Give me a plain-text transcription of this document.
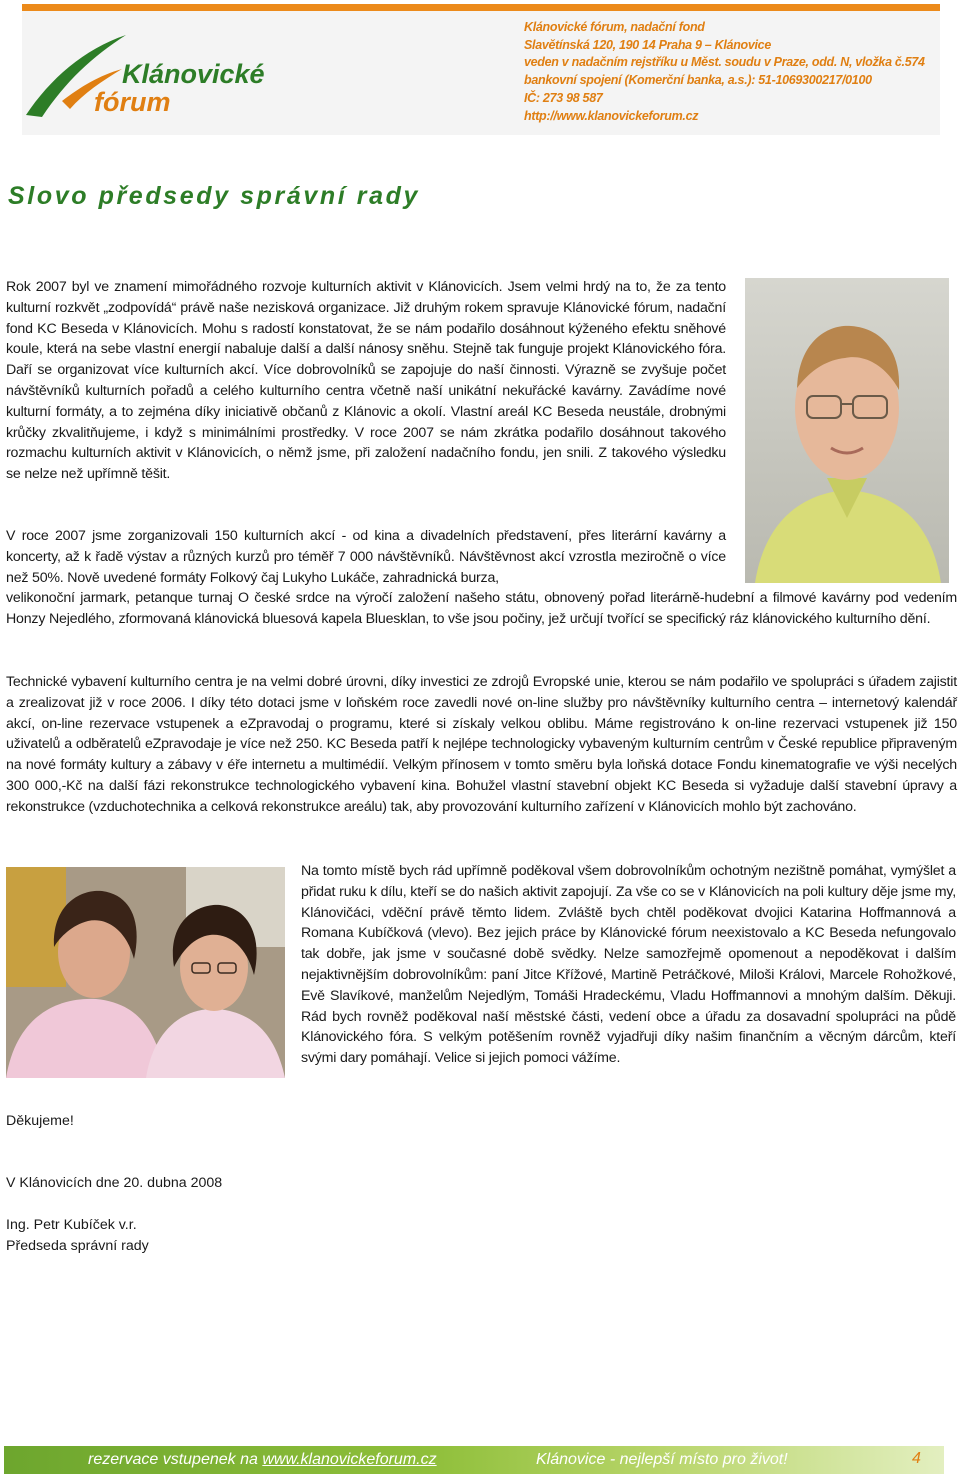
Klánovické
fórum
Klánovické fórum, nadační fond
Slavětínská 120, 190 14 Praha 9 – Klánovice
veden v nadačním rejstříku u Měst. soudu v Praze, odd. N, vložka č.574
bankovní spojení (Komerční banka, a.s.): 51-1069300217/0100
IČ: 273 98 587
http://www.klanovickeforum.cz
Slovo předsedy správní rady
Rok 2007 byl ve znamení mimořádného rozvoje kulturních aktivit v Klánovicích. Jsem velmi hrdý na to, že za tento kulturní rozkvět „zodpovídá“ právě naše nezisková organizace. Již druhým rokem spravuje Klánovické fórum, nadační fond KC Beseda v Klánovicích. Mohu s radostí konstatovat, že se nám podařilo dosáhnout kýženého efektu sněhové koule, která na sebe vlastní energií nabaluje další a další nánosy sněhu. Stejně tak funguje projekt Klánovického fóra. Daří se organizovat více kulturních akcí. Více dobrovolníků se zapojuje do naší činnosti. Výrazně se zvyšuje počet návštěvníků kulturních pořadů a celého kulturního centra včetně naší unikátní nekuřácké kavárny. Zavádíme nové kulturní formáty, a to zejména díky iniciativě občanů z Klánovic a okolí. Vlastní areál KC Beseda neustále, drobnými krůčky zkvalitňujeme, i když s minimálními prostředky. V roce 2007 se nám zkrátka podařilo dosáhnout takového rozmachu kulturních aktivit v Klánovicích, o němž jsme, při založení nadačního fondu, jen snili. Z takového výsledku se nelze než upřímně těšit.
V roce 2007 jsme zorganizovali 150 kulturních akcí - od kina a divadelních představení, přes literární kavárny a koncerty, až k řadě výstav a různých kurzů pro téměř 7 000 návštěvníků. Návštěvnost akcí vzrostla meziročně o více než 50%. Nově uvedené formáty Folkový čaj Lukyho Lukáče, zahradnická burza,
velikonoční jarmark, petanque turnaj O české srdce na výročí založení našeho státu, obnovený pořad literárně-hudební a filmové kavárny pod vedením Honzy Nejedlého, zformovaná klánovická bluesová kapela Bluesklan, to vše jsou počiny, jež určují tvořící se specifický ráz klánovického kulturního dění.
Technické vybavení kulturního centra je na velmi dobré úrovni, díky investici ze zdrojů Evropské unie, kterou se nám podařilo ve spolupráci s úřadem zajistit a zrealizovat již v roce 2006. I díky této dotaci jsme v loňském roce zavedli nové on-line služby pro návštěvníky kulturního centra – internetový kalendář akcí, on-line rezervace vstupenek a eZpravodaj o programu, které si získaly velkou oblibu. Máme registrováno k on-line rezervaci vstupenek již 150 uživatelů a odběratelů eZpravodaje je více než 250. KC Beseda patří k nejlépe technologicky vybaveným kulturním centrům v České republice připraveným na nové formáty kultury a zábavy v éře internetu a multimédií. Velkým přínosem v tomto směru byla loňská dotace Fondu kinematografie ve výši necelých 300 000,-Kč na další fázi rekonstrukce technologického vybavení kina. Bohužel vlastní stavební objekt KC Beseda si vyžaduje další stavební úpravy a rekonstrukce (vzduchotechnika a celková rekonstrukce areálu) tak, aby provozování kulturního zařízení v Klánovicích mohlo být zachováno.
Na tomto místě bych rád upřímně poděkoval všem dobrovolníkům ochotným nezištně pomáhat, vymýšlet a přidat ruku k dílu, kteří se do našich aktivit zapojují. Za vše co se v Klánovicích na poli kultury děje jsme my, Klánovičáci, vděční právě těmto lidem. Zvláště bych chtěl poděkovat dvojici Katarina Hoffmannová a Romana Kubíčková (vlevo). Bez jejich práce by Klánovické fórum neexistovalo a KC Beseda nefungovalo tak dobře, jak jsme v současné době svědky. Nelze samozřejmě opomenout a nepoděkovat i dalším nejaktivnějším dobrovolníkům: paní Jitce Křížové, Martině Petráčkové, Miloši Královi, Marcele Rohožkové, Evě Slavíkové, manželům Nejedlým, Tomáši Hradeckému, Vladu Hoffmannovi a mnohým dalším. Děkuji. Rád bych rovněž poděkoval naší městské části, vedení obce a úřadu za dosavadní spolupráci na půdě Klánovického fóra. S velkým potěšením rovněž vyjadřuji díky našim finančním a věcným dárcům, kteří svými dary pomáhají. Velice si jejich pomoci vážíme.
Děkujeme!
V Klánovicích dne 20. dubna 2008
Ing. Petr Kubíček v.r.
Předseda správní rady
rezervace vstupenek na www.klanovickeforum.cz	Klánovice - nejlepší místo pro život!	4
